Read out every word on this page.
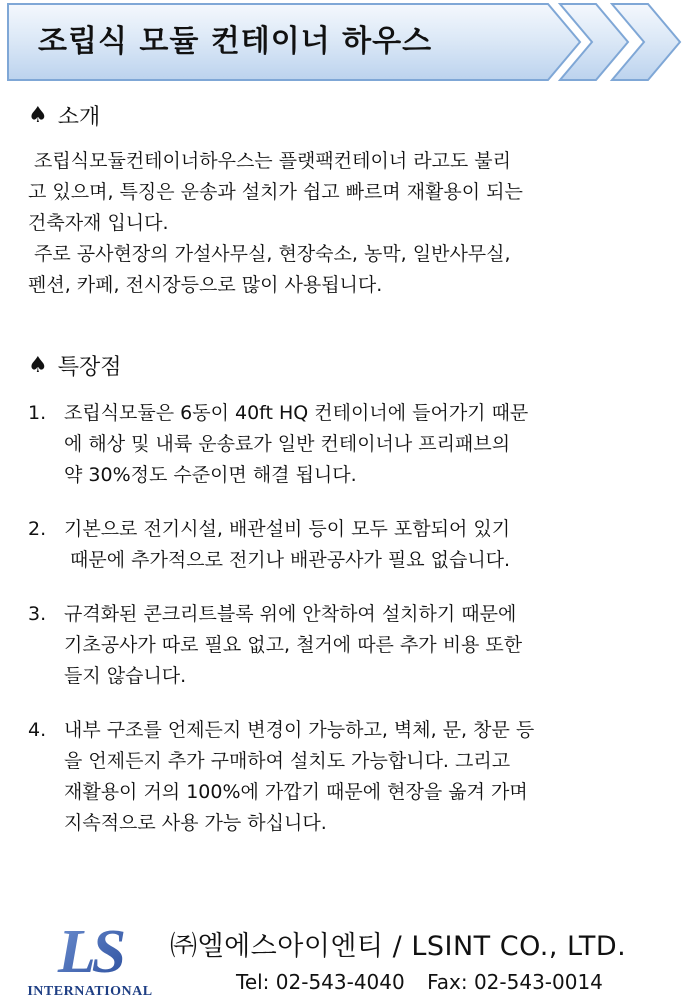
조립식 모듈 컨테이너 하우스
♠ 소개

조립식모듈컨테이너하우스는 플랫팩컨테이너 라고도 불리

고 있으며, 특징은 운송과 설치가 쉽고 빠르며 재활용이 되는

건축자재 입니다.

주로 공사현장의 가설사무실, 현장숙소, 농막, 일반사무실,

펜션, 카페, 전시장등으로 많이 사용됩니다.

♠ 특장점
1. 조립식모듈은 6동이 40ft HQ 컨테이너에 들어가기 때문
에 해상 및 내륙 운송료가 일반 컨테이너나 프리패브의
약 30%정도 수준이면 해결 됩니다.
2. 기본으로 전기시설, 배관설비 등이 모두 포함되어 있기
때문에 추가적으로 전기나 배관공사가 필요 없습니다.
3. 규격화된 콘크리트블록 위에 안착하여 설치하기 때문에
기초공사가 따로 필요 없고, 철거에 따른 추가 비용 또한
들지 않습니다.
4. 내부 구조를 언제든지 변경이 가능하고, 벽체, 문, 창문 등
을 언제든지 추가 구매하여 설치도 가능합니다. 그리고
재활용이 거의 100%에 가깝기 때문에 현장을 옮겨 가며
지속적으로 사용 가능 하십니다.
LS
INTERNATIONAL

㈜엘에스아이엔티 / LSINT CO., LTD.

Tel: 02-543-4040 Fax: 02-543-0014
